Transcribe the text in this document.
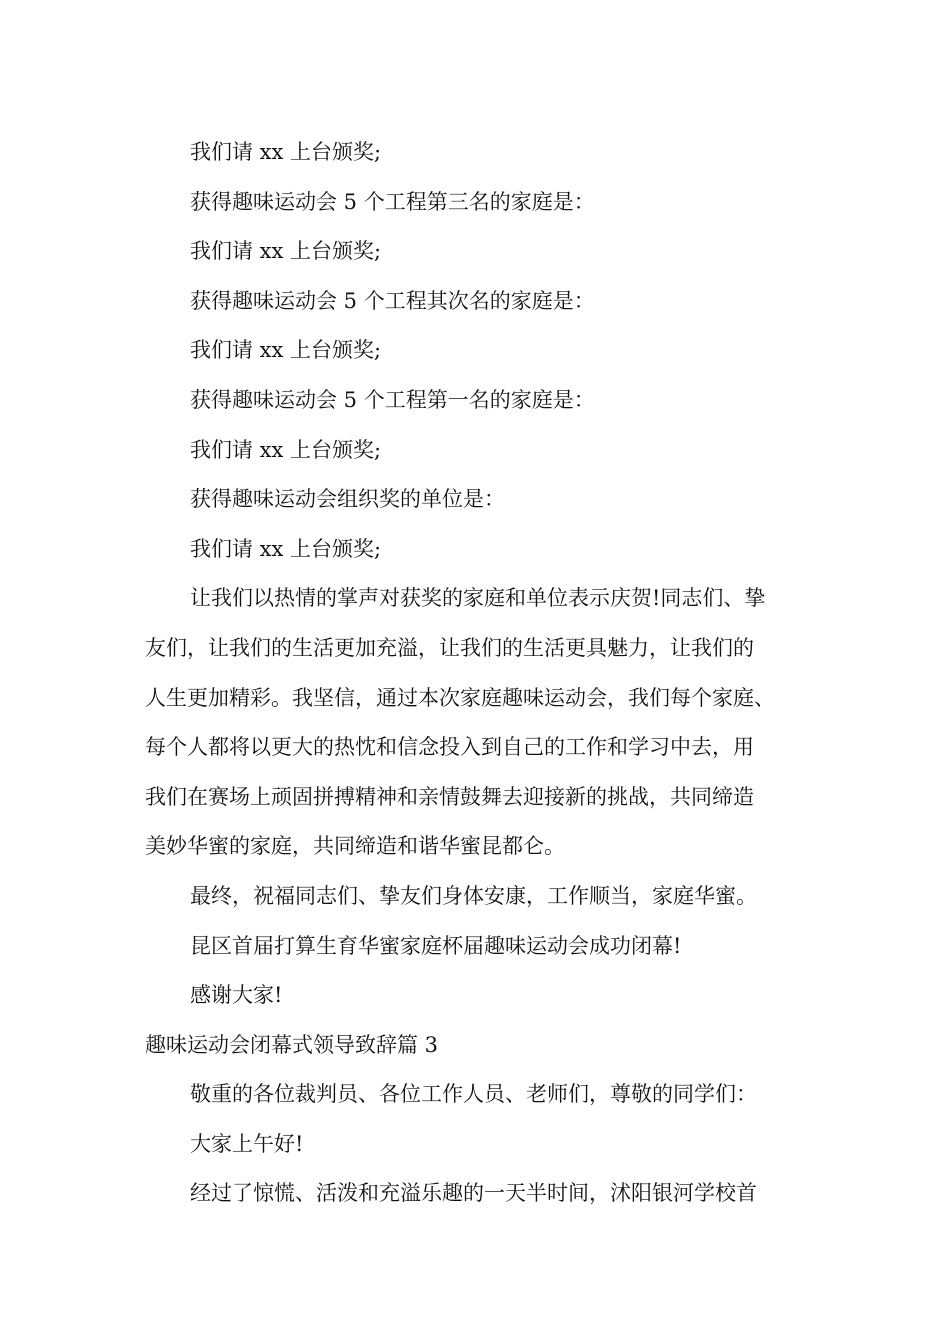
我们请 xx 上台颁奖;
获得趣味运动会 5 个工程第三名的家庭是：
我们请 xx 上台颁奖;
获得趣味运动会 5 个工程其次名的家庭是：
我们请 xx 上台颁奖;
获得趣味运动会 5 个工程第一名的家庭是：
我们请 xx 上台颁奖;
获得趣味运动会组织奖的单位是：
我们请 xx 上台颁奖;
让我们以热情的掌声对获奖的家庭和单位表示庆贺!同志们、挚
友们，让我们的生活更加充溢，让我们的生活更具魅力，让我们的
人生更加精彩。我坚信，通过本次家庭趣味运动会，我们每个家庭、
每个人都将以更大的热忱和信念投入到自己的工作和学习中去，用
我们在赛场上顽固拼搏精神和亲情鼓舞去迎接新的挑战，共同缔造
美妙华蜜的家庭，共同缔造和谐华蜜昆都仑。
最终，祝福同志们、挚友们身体安康，工作顺当，家庭华蜜。
昆区首届打算生育华蜜家庭杯届趣味运动会成功闭幕!
感谢大家!
趣味运动会闭幕式领导致辞篇 3
敬重的各位裁判员、各位工作人员、老师们，尊敬的同学们：
大家上午好!
经过了惊慌、活泼和充溢乐趣的一天半时间，沭阳银河学校首
